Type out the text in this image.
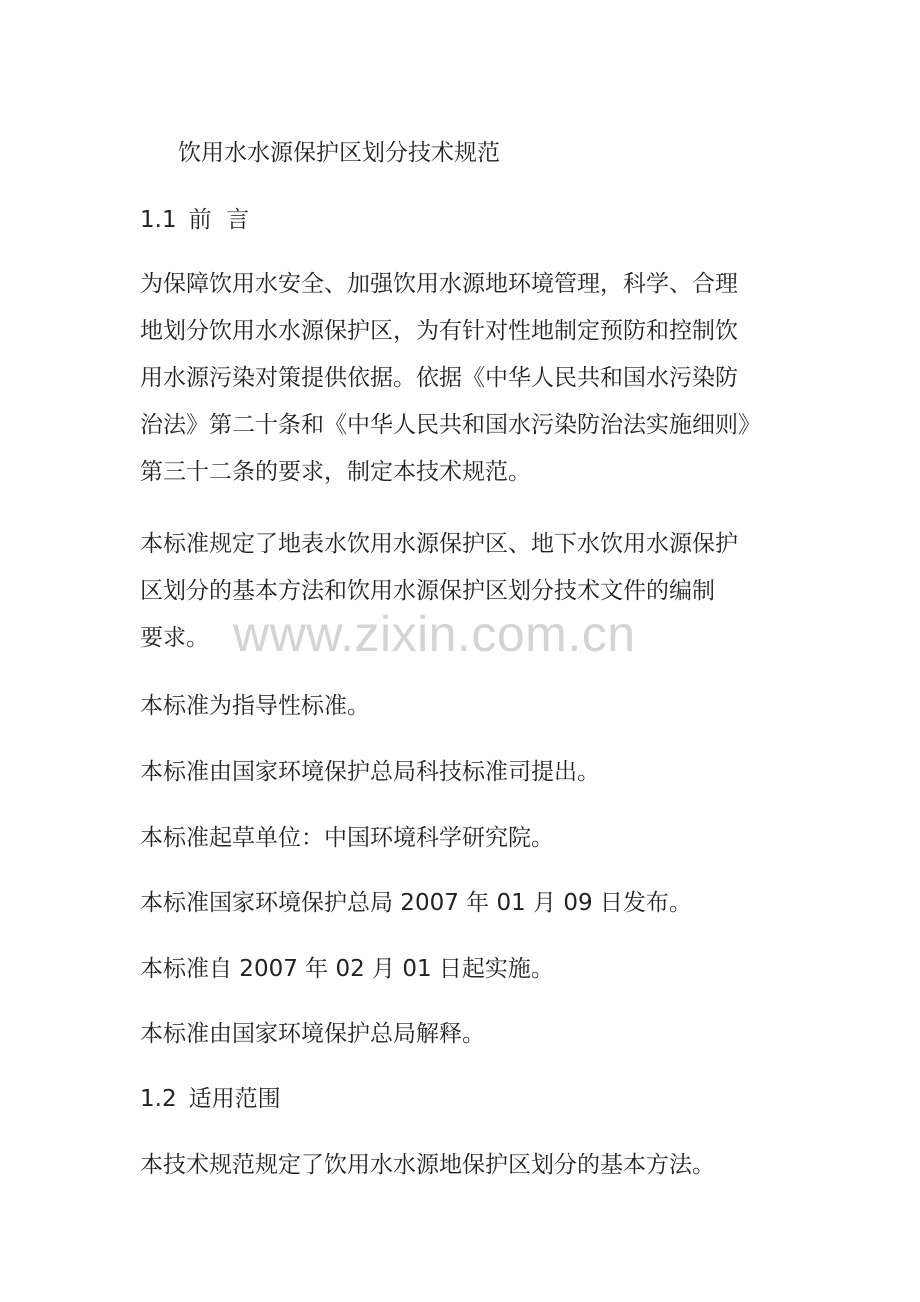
饮用水水源保护区划分技术规范
1.1 前  言

为保障饮用水安全、加强饮用水源地环境管理，科学、合理
地划分饮用水水源保护区，为有针对性地制定预防和控制饮
用水源污染对策提供依据。依据《中华人民共和国水污染防
治法》第二十条和《中华人民共和国水污染防治法实施细则》
第三十二条的要求，制定本技术规范。

本标准规定了地表水饮用水源保护区、地下水饮用水源保护
区划分的基本方法和饮用水源保护区划分技术文件的编制
要求。

本标准为指导性标准。

本标准由国家环境保护总局科技标准司提出。

本标准起草单位：中国环境科学研究院。

本标准国家环境保护总局 2007 年 01 月 09 日发布。

本标准自 2007 年 02 月 01 日起实施。

本标准由国家环境保护总局解释。

1.2 适用范围

本技术规范规定了饮用水水源地保护区划分的基本方法。

www.zixin.com.cn
